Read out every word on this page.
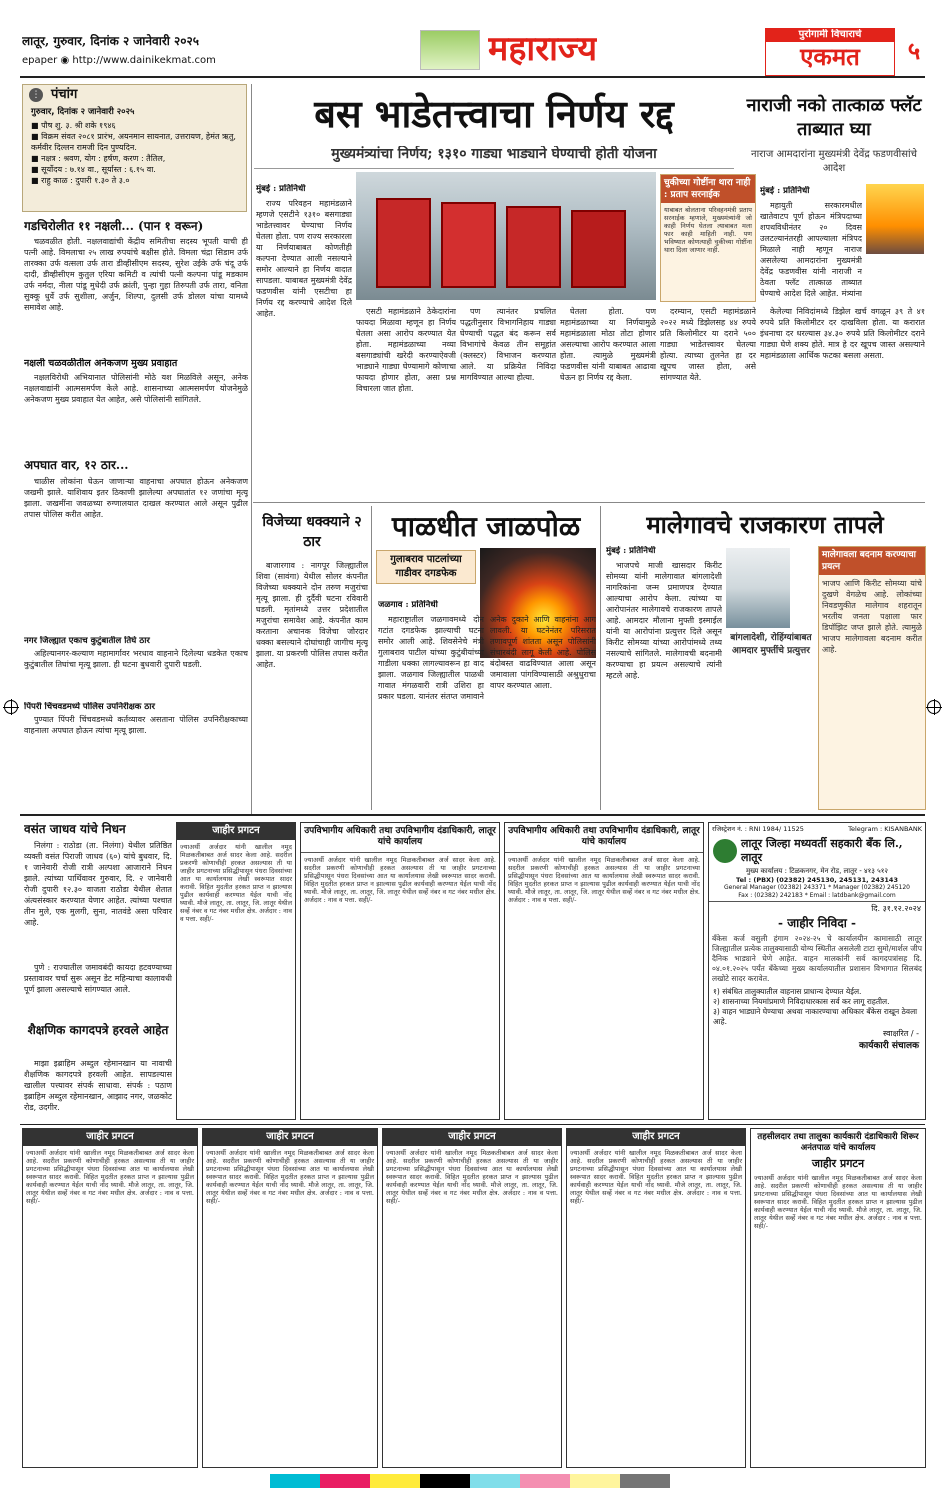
लातूर, गुरुवार, दिनांक २ जानेवारी २०२५
epaper ◉ http://www.dainikekmat.com	महाराज्य	पुरोगामी विचाराचे
एकमत	५
⋮ पंचांग
गुरुवार, दिनांक २ जानेवारी २०२५
■ पौष शु. ३. श्री शके १९४६
■ विक्रम संवत २०८१ प्रारंभ, अयनमान सायनात, उत्तरायण, हेमंत ऋतु, कर्मवीर दिल्लन रामजी दिन पुण्यदिन.
■ नक्षत्र : श्रवण, योग : हर्षण, करण : तैतिल,
■ सूर्योदय : ७.१४ वा., सूर्यास्त : ६.१५ वा.
■ राहु काळ : दुपारी १.३० ते ३.०
गडचिरोलीत ११ नक्षली... (पान १ वरून)

चळवळीत होती. नक्षलवाद्यांची केंद्रीय समितीचा सदस्य भूपती याची ही पत्नी आहे. विमलाचा २५ लाख रुपयांचे बक्षीस होते. विमला चंद्रा सिडाम उर्फ तारक्का उर्फ वत्सला उर्फ तारा डीव्हीसीएम सदस्य, सुरेश उईके उर्फ चंदू उर्फ दादी, डीव्हीसीएम कुतुल एरिया कमिटी व त्यांची पत्नी कल्पना पांडू मडकाम उर्फ नर्मदा, नीला पांडू मुधेदी उर्फ क्रांती, पुन्हा गुहा तिरुपती उर्फ तारा, वनिता सुक्कू धुर्वे उर्फ सुशीला, अर्जुन, शिल्पा, दुलसी उर्फ डोलल यांचा यामध्ये समावेश आहे.

नक्षली चळवळीतील अनेकजण मुख्य प्रवाहात

नक्षलविरोधी अभियानात पोलिसांनी मोठे यश मिळविले असून, अनेक नक्षलवाद्यांनी आत्मसमर्पण केले आहे. शासनाच्या आत्मसमर्पण योजनेमुळे अनेकजण मुख्य प्रवाहात येत आहेत, असे पोलिसांनी सांगितले.

अपघात वार, १२ ठार...

चाळीस लोकांना घेऊन जाणाऱ्या वाहनाचा अपघात होऊन अनेकजण जखमी झाले. याशिवाय इतर ठिकाणी झालेल्या अपघातांत १२ जणांचा मृत्यू झाला. जखमींना जवळच्या रुग्णालयात दाखल करण्यात आले असून पुढील तपास पोलिस करीत आहेत.

नगर जिल्ह्यात एकाच कुटुंबातील तिघे ठार

अहिल्यानगर-कल्याण महामार्गावर भरधाव वाहनाने दिलेल्या धडकेत एकाच कुटुंबातील तिघांचा मृत्यू झाला. ही घटना बुधवारी दुपारी घडली.

पिंपरी चिंचवडमध्ये पोलिस उपनिरीक्षक ठार

पुण्यात पिंपरी चिंचवडमध्ये कर्तव्यावर असताना पोलिस उपनिरीक्षकाच्या वाहनाला अपघात होऊन त्यांचा मृत्यू झाला.

बस भाडेतत्त्वाचा निर्णय रद्द
मुख्यमंत्र्यांचा निर्णय; १३१० गाड्या भाड्याने घेण्याची होती योजना
मुंबई : प्रतिनिधी

राज्य परिवहन महामंडळाने म्हणजे एसटीने १३१० बसगाड्या भाडेतत्त्वावर घेण्याचा निर्णय घेतला होता. पण राज्य सरकारला या निर्णयाबाबत कोणतीही कल्पना देण्यात आली नसल्याने समोर आल्याने हा निर्णय वादात सापडला. याबाबत मुख्यमंत्री देवेंद्र फडणवीस यांनी एसटीचा हा निर्णय रद्द करण्याचे आदेश दिले आहेत.	एसटी महामंडळाने ठेकेदारांना फायदा मिळावा म्हणून हा निर्णय घेतला असा आरोप करण्यात येत होता. महामंडळाच्या नव्या बसगाड्यांची खरेदी करण्याऐवजी भाड्याने गाड्या घेण्यामागे कोणाचा फायदा होणार होता, असा प्रश्न विचारला जात होता.

पण त्यानंतर प्रचलित पद्धतीनुसार विभागनिहाय गाड्या घेण्याची पद्धत बंद करून सर्व विभागांचे केवळ तीन समूहांत (क्लस्टर) विभाजन करण्यात आले. या प्रक्रियेत निविदा मागविण्यात आल्या होत्या.

घेतला होता. पण महामंडळाच्या या निर्णयामुळे महामंडळाला मोठा तोटा होणार असल्याचा आरोप करण्यात आला होता. त्यामुळे मुख्यमंत्री फडणवीस यांनी याबाबत आढावा घेऊन हा निर्णय रद्द केला.

दरम्यान, एसटी महामंडळाने २०२२ मध्ये डिझेलसह ४४ रुपये प्रति किलोमीटर या दराने ५०० गाड्या भाडेतत्त्वावर घेतल्या होत्या. त्याच्या तुलनेत हा दर खूपच जास्त होता, असे सांगण्यात येते.

चुकीच्या गोष्टींना थारा नाही : प्रताप सरनाईक
याबाबत बोलताना परिवहनमंत्री प्रताप सरनाईक म्हणाले, मुख्यमंत्र्यांनी जो काही निर्णय घेतला त्याबाबत मला फार काही माहिती नाही. पण भविष्यात कोणत्याही चुकीच्या गोष्टींना थारा दिला जाणार नाही.

केलेल्या निविदांमध्ये डिझेल खर्च वगळून ३९ ते ४१ रुपये प्रति किलोमीटर दर दाखविला होता. या करारात इंधनाचा दर धरल्यास ३४.३० रुपये प्रति किलोमीटर दराने गाड्या घेणे शक्य होते. मात्र हे दर खूपच जास्त असल्याने महामंडळाला आर्थिक फटका बसला असता.

नाराजी नको तात्काळ फ्लॅट ताब्यात घ्या
नाराज आमदारांना मुख्यमंत्री देवेंद्र फडणवीसांचे आदेश
मुंबई : प्रतिनिधी

महायुती सरकारमधील खातेवाटप पूर्ण होऊन मंत्रिपदाच्या शपथविधीनंतर २० दिवस उलटल्यानंतरही आपल्याला मंत्रिपद मिळाले नाही म्हणून नाराज असलेल्या आमदारांना मुख्यमंत्री देवेंद्र फडणवीस यांनी नाराजी न ठेवता फ्लॅट तात्काळ ताब्यात घेण्याचे आदेश दिले आहेत. मंत्र्यांना

विजेच्या धक्क्याने २ ठार

बाजारगाव : नागपूर जिल्ह्यातील शिवा (सावंगा) येथील सोलर कंपनीत विजेच्या धक्क्याने दोन तरुण मजुरांचा मृत्यू झाला. ही दुर्दैवी घटना रविवारी घडली. मृतांमध्ये उत्तर प्रदेशातील मजुरांचा समावेश आहे. कंपनीत काम करताना अचानक विजेचा जोरदार धक्का बसल्याने दोघांचाही जागीच मृत्यू झाला. या प्रकरणी पोलिस तपास करीत आहेत.

पाळधीत जाळपोळ
गुलाबराव पाटलांच्या गाडीवर दगडफेक
जळगाव : प्रतिनिधी

महाराष्ट्रातील जळगावमध्ये दोन गटांत दगडफेक झाल्याची घटना समोर आली आहे. शिवसेनेचे मंत्री गुलाबराव पाटील यांच्या कुटुंबीयांच्या गाडीला धक्का लागल्यावरून हा वाद झाला. जळगाव जिल्ह्यातील पाळधी गावात मंगळवारी रात्री उशिरा हा प्रकार घडला. यानंतर संतप्त जमावाने अनेक दुकाने आणि वाहनांना आग लावली. या घटनेनंतर परिसरात तणावपूर्ण शांतता असून पोलिसांनी संचारबंदी लागू केली आहे. पोलिस बंदोबस्त वाढविण्यात आला असून जमावाला पांगविण्यासाठी अश्रुधुराचा वापर करण्यात आला.

मालेगावचे राजकारण तापले
मुंबई : प्रतिनिधी

भाजपचे माजी खासदार किरीट सोमय्या यांनी मालेगावात बांगलादेशी नागरिकांना जन्म प्रमाणपत्र देण्यात आल्याचा आरोप केला. त्यांच्या या आरोपानंतर मालेगावचे राजकारण तापले आहे. आमदार मौलाना मुफ्ती इस्माईल यांनी या आरोपांना प्रत्युत्तर दिले असून किरीट सोमय्या यांच्या आरोपांमध्ये तथ्य नसल्याचे सांगितले. मालेगावची बदनामी करण्याचा हा प्रयत्न असल्याचे त्यांनी म्हटले आहे.

बांगलादेशी, रोहिंग्यांबाबत आमदार मुफ्तींचे प्रत्युत्तर
मालेगावला बदनाम करण्याचा प्रयत्न
भाजप आणि किरीट सोमय्या यांचे दुखणे वेगळेच आहे. लोकांच्या निवडणुकीत मालेगाव शहरातून भरतीय जनता पक्षाला फार डिपॉझिट जप्त झाले होते. त्यामुळे भाजप मालेगावला बदनाम करीत आहे.
वसंत जाधव यांचे निधन

निलंगा : राठोडा (ता. निलंगा) येथील प्रतिष्ठित व्यक्ती वसंत पिराजी जाधव (६०) यांचे बुधवार, दि. १ जानेवारी रोजी रात्री अल्पशा आजाराने निधन झाले. त्यांच्या पार्थिवावर गुरुवार, दि. २ जानेवारी रोजी दुपारी १२.३० वाजता राठोडा येथील शेतात अंत्यसंस्कार करण्यात येणार आहेत. त्यांच्या पश्चात तीन मुले, एक मुलगी, सुना, नातवंडे असा परिवार आहे.

पुणे : राज्यातील जमावबंदी कायदा हटवण्याच्या प्रस्तावावर चर्चा सुरू असून डेट महिन्याचा कालावधी पूर्ण झाला असल्याचे सांगण्यात आले.

शैक्षणिक कागदपत्रे हरवले आहेत

माझा इब्राहिम अब्दुल रहेमानखान या नावाची शैक्षणिक कागदपत्रे हरवली आहेत. सापडल्यास खालील पत्त्यावर संपर्क साधावा. संपर्क : पठाण इब्राहिम अब्दुल रहेमानखान, आझाद नगर, जळकोट रोड, उदगीर.

जाहीर प्रगटन
ज्याअर्थी अर्जदार यांनी खालील नमूद मिळकतीबाबत अर्ज सादर केला आहे. सदरील प्रकरणी कोणाचीही हरकत असल्यास ती या जाहीर प्रगटनाच्या प्रसिद्धीपासून पंधरा दिवसांच्या आत या कार्यालयास लेखी स्वरूपात सादर करावी. विहित मुदतीत हरकत प्राप्त न झाल्यास पुढील कार्यवाही करण्यात येईल याची नोंद घ्यावी. मौजे लातूर, ता. लातूर, जि. लातूर येथील सर्व्हे नंबर व गट नंबर मधील क्षेत्र. अर्जदार : नाव व पत्ता. सही/-
उपविभागीय अधिकारी तथा उपविभागीय दंडाधिकारी, लातूर यांचे कार्यालय
ज्याअर्थी अर्जदार यांनी खालील नमूद मिळकतीबाबत अर्ज सादर केला आहे. सदरील प्रकरणी कोणाचीही हरकत असल्यास ती या जाहीर प्रगटनाच्या प्रसिद्धीपासून पंधरा दिवसांच्या आत या कार्यालयास लेखी स्वरूपात सादर करावी. विहित मुदतीत हरकत प्राप्त न झाल्यास पुढील कार्यवाही करण्यात येईल याची नोंद घ्यावी. मौजे लातूर, ता. लातूर, जि. लातूर येथील सर्व्हे नंबर व गट नंबर मधील क्षेत्र. अर्जदार : नाव व पत्ता. सही/-
उपविभागीय अधिकारी तथा उपविभागीय दंडाधिकारी, लातूर यांचे कार्यालय
ज्याअर्थी अर्जदार यांनी खालील नमूद मिळकतीबाबत अर्ज सादर केला आहे. सदरील प्रकरणी कोणाचीही हरकत असल्यास ती या जाहीर प्रगटनाच्या प्रसिद्धीपासून पंधरा दिवसांच्या आत या कार्यालयास लेखी स्वरूपात सादर करावी. विहित मुदतीत हरकत प्राप्त न झाल्यास पुढील कार्यवाही करण्यात येईल याची नोंद घ्यावी. मौजे लातूर, ता. लातूर, जि. लातूर येथील सर्व्हे नंबर व गट नंबर मधील क्षेत्र. अर्जदार : नाव व पत्ता. सही/-
रजिस्ट्रेशन नं. : RNI 1984/ 11525	Telegram : KISANBANK
लातूर जिल्हा मध्यवर्ती सहकारी बँक लि., लातूर
मुख्य कार्यालय : टिळकनगर, मेन रोड, लातूर - ४१३ ५१२
Tel : (PBX) (02382) 245130, 245131, 243143
General Manager (02382) 243371 * Manager (02382) 245120
Fax : (02382) 242183 * Email : latdbank@gmail.com
दि. ३१.१२.२०२४
- जाहीर निविदा -
बँकेस कर्ज वसुली हंगाम २०२४-२५ चे कार्यालयीन कामासाठी लातूर जिल्ह्यातील प्रत्येक तालुक्यासाठी योग्य स्थितीत असलेली टाटा सुमो/मार्शल जीप दैनिक भाड्याने घेणे आहेत. वाहन मालकांनी सर्व कागदपत्रांसह दि. ०४.०१.२०२५ पर्यंत बँकेच्या मुख्य कार्यालयातील प्रशासन विभागात सिलबंद लखोटे सादर करावेत.
१) संबंधित तालुक्यातील वाहनास प्राधान्य देण्यात येईल.
२) शासनाच्या नियमांप्रमाणे निविदाधारकास सर्व कर लागू राहतील.
३) वाहन भाड्याने घेण्याचा अथवा नाकारण्याचा अधिकार बँकेस राखून ठेवला आहे.
स्वाक्षरित / -
कार्यकारी संचालक
जाहीर प्रगटन
ज्याअर्थी अर्जदार यांनी खालील नमूद मिळकतीबाबत अर्ज सादर केला आहे. सदरील प्रकरणी कोणाचीही हरकत असल्यास ती या जाहीर प्रगटनाच्या प्रसिद्धीपासून पंधरा दिवसांच्या आत या कार्यालयास लेखी स्वरूपात सादर करावी. विहित मुदतीत हरकत प्राप्त न झाल्यास पुढील कार्यवाही करण्यात येईल याची नोंद घ्यावी. मौजे लातूर, ता. लातूर, जि. लातूर येथील सर्व्हे नंबर व गट नंबर मधील क्षेत्र. अर्जदार : नाव व पत्ता. सही/-
जाहीर प्रगटन
ज्याअर्थी अर्जदार यांनी खालील नमूद मिळकतीबाबत अर्ज सादर केला आहे. सदरील प्रकरणी कोणाचीही हरकत असल्यास ती या जाहीर प्रगटनाच्या प्रसिद्धीपासून पंधरा दिवसांच्या आत या कार्यालयास लेखी स्वरूपात सादर करावी. विहित मुदतीत हरकत प्राप्त न झाल्यास पुढील कार्यवाही करण्यात येईल याची नोंद घ्यावी. मौजे लातूर, ता. लातूर, जि. लातूर येथील सर्व्हे नंबर व गट नंबर मधील क्षेत्र. अर्जदार : नाव व पत्ता. सही/-
जाहीर प्रगटन
ज्याअर्थी अर्जदार यांनी खालील नमूद मिळकतीबाबत अर्ज सादर केला आहे. सदरील प्रकरणी कोणाचीही हरकत असल्यास ती या जाहीर प्रगटनाच्या प्रसिद्धीपासून पंधरा दिवसांच्या आत या कार्यालयास लेखी स्वरूपात सादर करावी. विहित मुदतीत हरकत प्राप्त न झाल्यास पुढील कार्यवाही करण्यात येईल याची नोंद घ्यावी. मौजे लातूर, ता. लातूर, जि. लातूर येथील सर्व्हे नंबर व गट नंबर मधील क्षेत्र. अर्जदार : नाव व पत्ता. सही/-
जाहीर प्रगटन
ज्याअर्थी अर्जदार यांनी खालील नमूद मिळकतीबाबत अर्ज सादर केला आहे. सदरील प्रकरणी कोणाचीही हरकत असल्यास ती या जाहीर प्रगटनाच्या प्रसिद्धीपासून पंधरा दिवसांच्या आत या कार्यालयास लेखी स्वरूपात सादर करावी. विहित मुदतीत हरकत प्राप्त न झाल्यास पुढील कार्यवाही करण्यात येईल याची नोंद घ्यावी. मौजे लातूर, ता. लातूर, जि. लातूर येथील सर्व्हे नंबर व गट नंबर मधील क्षेत्र. अर्जदार : नाव व पत्ता. सही/-
तहसीलदार तथा तालुका कार्यकारी दंडाधिकारी शिरूर अनंतपाळ यांचे कार्यालय
जाहीर प्रगटन
ज्याअर्थी अर्जदार यांनी खालील नमूद मिळकतीबाबत अर्ज सादर केला आहे. सदरील प्रकरणी कोणाचीही हरकत असल्यास ती या जाहीर प्रगटनाच्या प्रसिद्धीपासून पंधरा दिवसांच्या आत या कार्यालयास लेखी स्वरूपात सादर करावी. विहित मुदतीत हरकत प्राप्त न झाल्यास पुढील कार्यवाही करण्यात येईल याची नोंद घ्यावी. मौजे लातूर, ता. लातूर, जि. लातूर येथील सर्व्हे नंबर व गट नंबर मधील क्षेत्र. अर्जदार : नाव व पत्ता. सही/-
